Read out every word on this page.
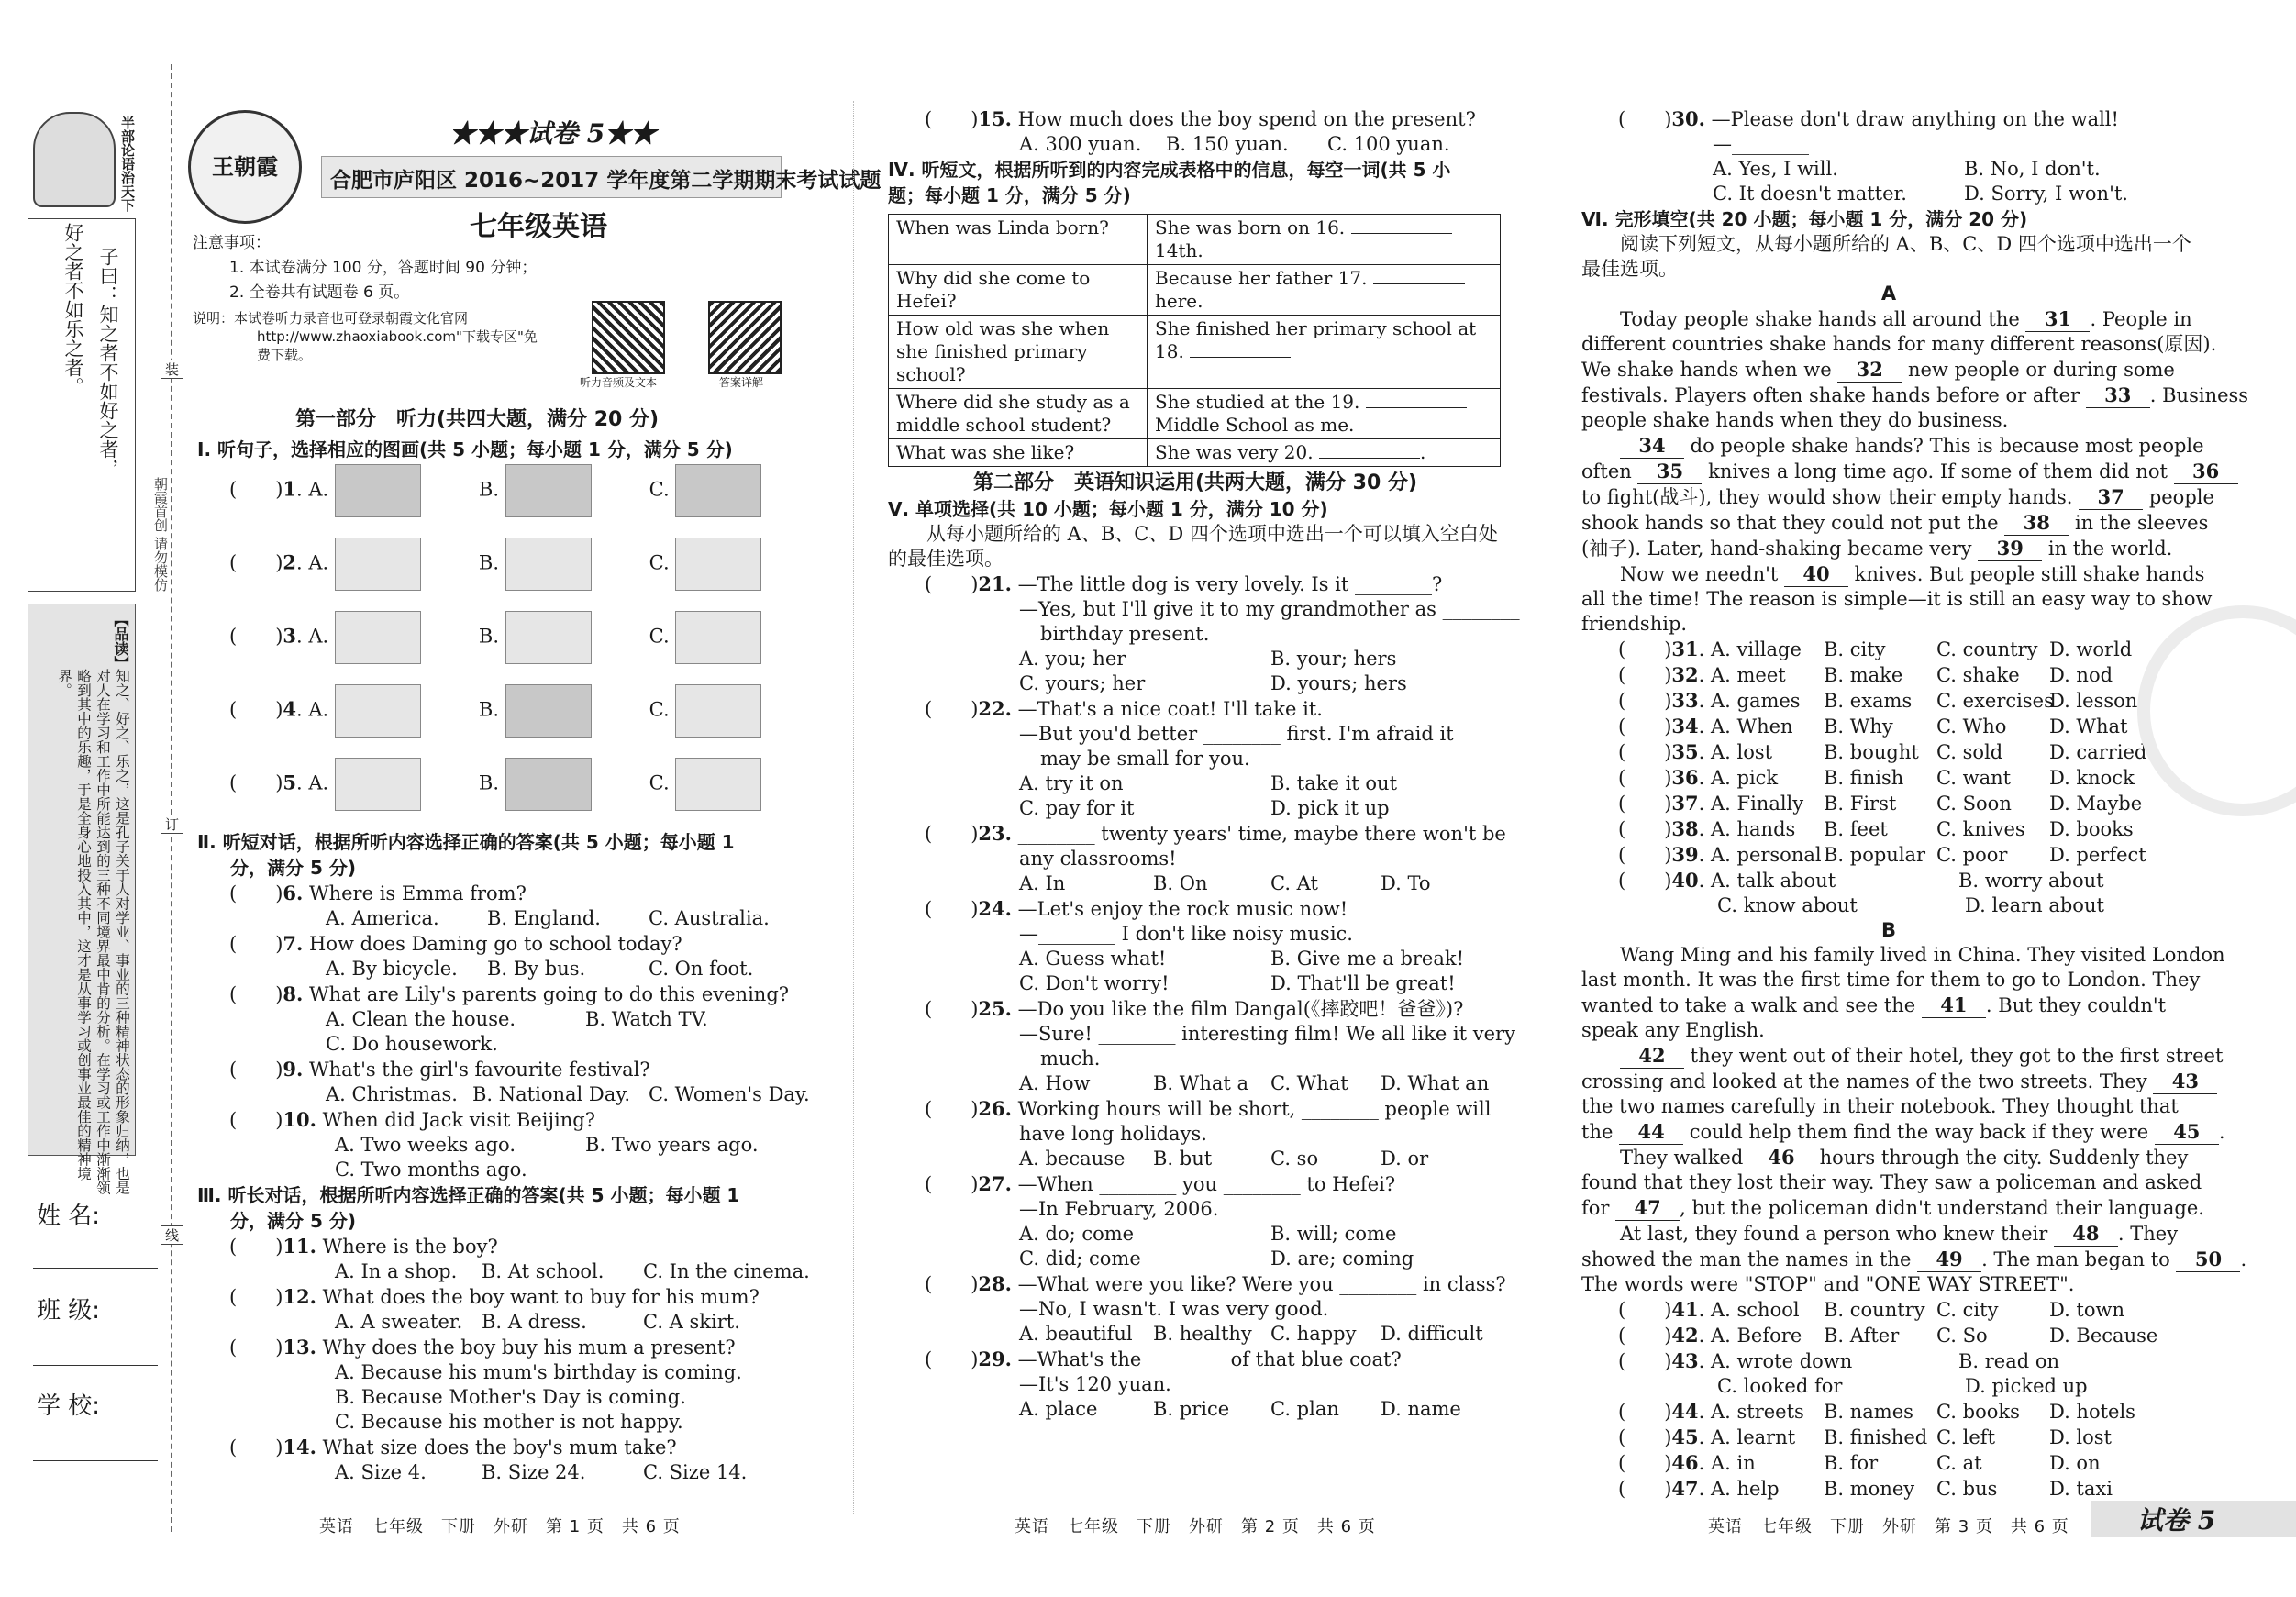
半部论语治天下
子曰：知之者不如好之者，
好之者不如乐之者。
【品读】
知之、好之、乐之，这是孔子关于人对学业、事业的三种精神状态的形象归纳，也是对人在学习和工作中所能达到的三种不同境界最中肯的分析。在学习或工作中渐渐领略到其中的乐趣，于是全身心地投入其中，这才是从事学习或创事业最佳的精神境界。
朝霞首创 请勿模仿
装
订
线
姓 名:
班 级:
学 校:
王朝霞
★★★试卷 5★★
合肥市庐阳区 2016~2017 学年度第二学期期末考试试题
七年级英语
注意事项：
1. 本试卷满分 100 分，答题时间 90 分钟；
2. 全卷共有试题卷 6 页。
说明：本试卷听力录音也可登录朝霞文化官网
http://www.zhaoxiabook.com"下载专区"免
费下载。
听力音频及文本	答案详解
第一部分　听力(共四大题，满分 20 分)
Ⅰ. 听句子，选择相应的图画(共 5 小题；每小题 1 分，满分 5 分)
(　　)1. A.	　　　B.	　　　C.
(　　)2. A.	　　　B.	　　　C.
(　　)3. A.	　　　B.	　　　C.
(　　)4. A.	　　　B.	　　　C.
(　　)5. A.	　　　B.	　　　C.
Ⅱ. 听短对话，根据所听内容选择正确的答案(共 5 小题；每小题 1
分，满分 5 分)
(　　)6. Where is Emma from?
A. America. B. England. C. Australia.
(　　)7. How does Daming go to school today?
A. By bicycle. B. By bus.	C. On foot.
(　　)8. What are Lily's parents going to do this evening?
A. Clean the house.	B. Watch TV.
C. Do housework.
(　　)9. What's the girl's favourite festival?
A. Christmas. B. National Day. C. Women's Day.
(　　)10. When did Jack visit Beijing?
A. Two weeks ago.	B. Two years ago.
C. Two months ago.
Ⅲ. 听长对话，根据所听内容选择正确的答案(共 5 小题；每小题 1
分，满分 5 分)
(　　)11. Where is the boy?
A. In a shop. B. At school. C. In the cinema.
(　　)12. What does the boy want to buy for his mum?
A. A sweater. B. A dress.	C. A skirt.
(　　)13. Why does the boy buy his mum a present?
A. Because his mum's birthday is coming.
B. Because Mother's Day is coming.
C. Because his mother is not happy.
(　　)14. What size does the boy's mum take?
A. Size 4.	B. Size 24.	C. Size 14.
(　　)15. How much does the boy spend on the present?
A. 300 yuan. B. 150 yuan. C. 100 yuan.
Ⅳ. 听短文，根据所听到的内容完成表格中的信息，每空一词(共 5 小
题；每小题 1 分，满分 5 分)
When was Linda born?	She was born on 16.
14th.
Why did she come to Hefei?	Because her father 17.
here.
How old was she when she finished primary school?	She finished her primary school at
18.
Where did she study as a middle school student?	She studied at the 19.
Middle School as me.
What was she like?	She was very 20. .
第二部分　英语知识运用(共两大题，满分 30 分)
Ⅴ. 单项选择(共 10 小题；每小题 1 分，满分 10 分)
从每小题所给的 A、B、C、D 四个选项中选出一个可以填入空白处的最佳选项。
(　　)21. —The little dog is very lovely. Is it ________?
—Yes, but I'll give it to my grandmother as ________
birthday present.
A. you; her	B. your; hers
C. yours; her	D. yours; hers
(　　)22. —That's a nice coat! I'll take it.
—But you'd better ________ first. I'm afraid it
may be small for you.
A. try it on	B. take it out
C. pay for it	D. pick it up
(　　)23. ________ twenty years' time, maybe there won't be
any classrooms!
A. In	B. On	C. At	D. To
(　　)24. —Let's enjoy the rock music now!
—________ I don't like noisy music.
A. Guess what!	B. Give me a break!
C. Don't worry!	D. That'll be great!
(　　)25. —Do you like the film Dangal(《摔跤吧！爸爸》)?
—Sure! ________ interesting film! We all like it very
much.
A. How	B. What a C. What D. What an
(　　)26. Working hours will be short, ________ people will
have long holidays.
A. because B. but	C. so	D. or
(　　)27. —When ________ you ________ to Hefei?
—In February, 2006.
A. do; come	B. will; come
C. did; come	D. are; coming
(　　)28. —What were you like? Were you ________ in class?
—No, I wasn't. I was very good.
A. beautiful B. healthy C. happy D. difficult
(　　)29. —What's the ________ of that blue coat?
—It's 120 yuan.
A. place	B. price C. plan D. name
(　　)30. —Please don't draw anything on the wall!
—________
A. Yes, I will.	B. No, I don't.
C. It doesn't matter.	D. Sorry, I won't.
Ⅵ. 完形填空(共 20 小题；每小题 1 分，满分 20 分)
阅读下列短文，从每小题所给的 A、B、C、D 四个选项中选出一个最佳选项。
A
Today people shake hands all around the 31 . People in
different countries shake hands for many different reasons(原因).
We shake hands when we 32 new people or during some
festivals. Players often shake hands before or after 33 . Business
people shake hands when they do business.
34 do people shake hands? This is because most people
often 35 knives a long time ago. If some of them did not 36
to fight(战斗), they would show their empty hands. 37 people
shook hands so that they could not put the 38 in the sleeves
(袖子). Later, hand-shaking became very 39 in the world.
Now we needn't 40 knives. But people still shake hands
all the time! The reason is simple—it is still an easy way to show
friendship.
(　　)31. A. village B. city	C. country D. world
(　　)32. A. meet B. make C. shake D. nod
(　　)33. A. games B. exams C. exercisesD. lessons
(　　)34. A. When B. Why C. Who D. What
(　　)35. A. lost	B. bought C. sold D. carried
(　　)36. A. pick B. finish C. want D. knock
(　　)37. A. Finally B. First C. Soon D. Maybe
(　　)38. A. hands B. feet	C. knives D. books
(　　)39. A. personal B. popular C. poor D. perfect
(　　)40. A. talk about	B. worry about
C. know about	D. learn about
B
Wang Ming and his family lived in China. They visited London
last month. It was the first time for them to go to London. They
wanted to take a walk and see the 41 . But they couldn't
speak any English.
42 they went out of their hotel, they got to the first street
crossing and looked at the names of the two streets. They 43
the two names carefully in their notebook. They thought that
the 44 could help them find the way back if they were 45 .
They walked 46 hours through the city. Suddenly they
found that they lost their way. They saw a policeman and asked
for 47 , but the policeman didn't understand their language.
At last, they found a person who knew their 48 . They
showed the man the names in the 49 . The man began to 50 .
The words were "STOP" and "ONE WAY STREET".
(　　)41. A. school B. country C. city	D. town
(　　)42. A. Before B. After C. So	D. Because
(　　)43. A. wrote down	B. read on
C. looked for	D. picked up
(　　)44. A. streets B. names C. books D. hotels
(　　)45. A. learnt B. finished C. left	D. lost
(　　)46. A. in	B. for	C. at	D. on
(　　)47. A. help B. money C. bus	D. taxi
英语　七年级　下册　外研　第 1 页　共 6 页	英语　七年级　下册　外研　第 2 页　共 6 页	英语　七年级　下册　外研　第 3 页　共 6 页	试卷 5
